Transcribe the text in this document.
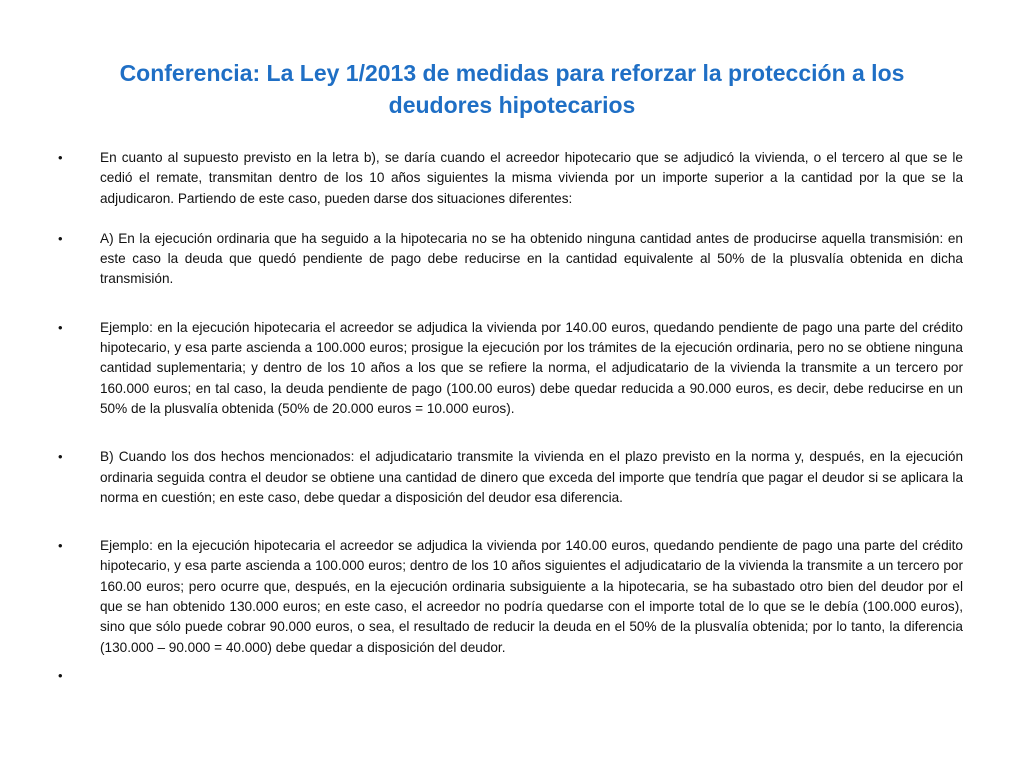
Conferencia: La Ley 1/2013 de medidas para reforzar la protección a los deudores hipotecarios
•	En cuanto al supuesto previsto en la letra b), se daría cuando el acreedor hipotecario que se adjudicó la vivienda, o el tercero al que se le cedió el remate, transmitan dentro de los 10 años siguientes la misma vivienda por un importe superior a la cantidad por la que se la adjudicaron. Partiendo de este caso, pueden darse dos situaciones diferentes:
•	A) En la ejecución ordinaria que ha seguido a la hipotecaria no se ha obtenido ninguna cantidad antes de producirse aquella transmisión: en este caso la deuda que quedó pendiente de pago debe reducirse en la cantidad equivalente al 50% de la plusvalía obtenida en dicha transmisión.
•	Ejemplo: en la ejecución hipotecaria el acreedor se adjudica la vivienda por 140.00 euros, quedando pendiente de pago una parte del crédito hipotecario, y esa parte ascienda a 100.000 euros; prosigue la ejecución por los trámites de la ejecución ordinaria, pero no se obtiene ninguna cantidad suplementaria; y dentro de los 10 años a los que se refiere la norma, el adjudicatario de la vivienda la transmite a un tercero por 160.000 euros; en tal caso, la deuda pendiente de pago (100.00 euros) debe quedar reducida a 90.000 euros, es decir, debe reducirse en un 50% de la plusvalía obtenida (50% de 20.000 euros = 10.000 euros).
•	B) Cuando los dos hechos mencionados: el adjudicatario transmite la vivienda en el plazo previsto en la norma y, después, en la ejecución ordinaria seguida contra el deudor se obtiene una cantidad de dinero que exceda del importe que tendría que pagar el deudor si se aplicara la norma en cuestión; en este caso, debe quedar a disposición del deudor esa diferencia.
•	Ejemplo: en la ejecución hipotecaria el acreedor se adjudica la vivienda por 140.00 euros, quedando pendiente de pago una parte del crédito hipotecario, y esa parte ascienda a 100.000 euros; dentro de los 10 años siguientes el adjudicatario de la vivienda la transmite a un tercero por 160.00 euros; pero ocurre que, después, en la ejecución ordinaria subsiguiente a la hipotecaria, se ha subastado otro bien del deudor por el que se han obtenido 130.000 euros; en este caso, el acreedor no podría quedarse con el importe total de lo que se le debía (100.000 euros), sino que sólo puede cobrar 90.000 euros, o sea, el resultado de reducir la deuda en el 50% de la plusvalía obtenida; por lo tanto, la diferencia (130.000 – 90.000 = 40.000) debe quedar a disposición del deudor.
•
